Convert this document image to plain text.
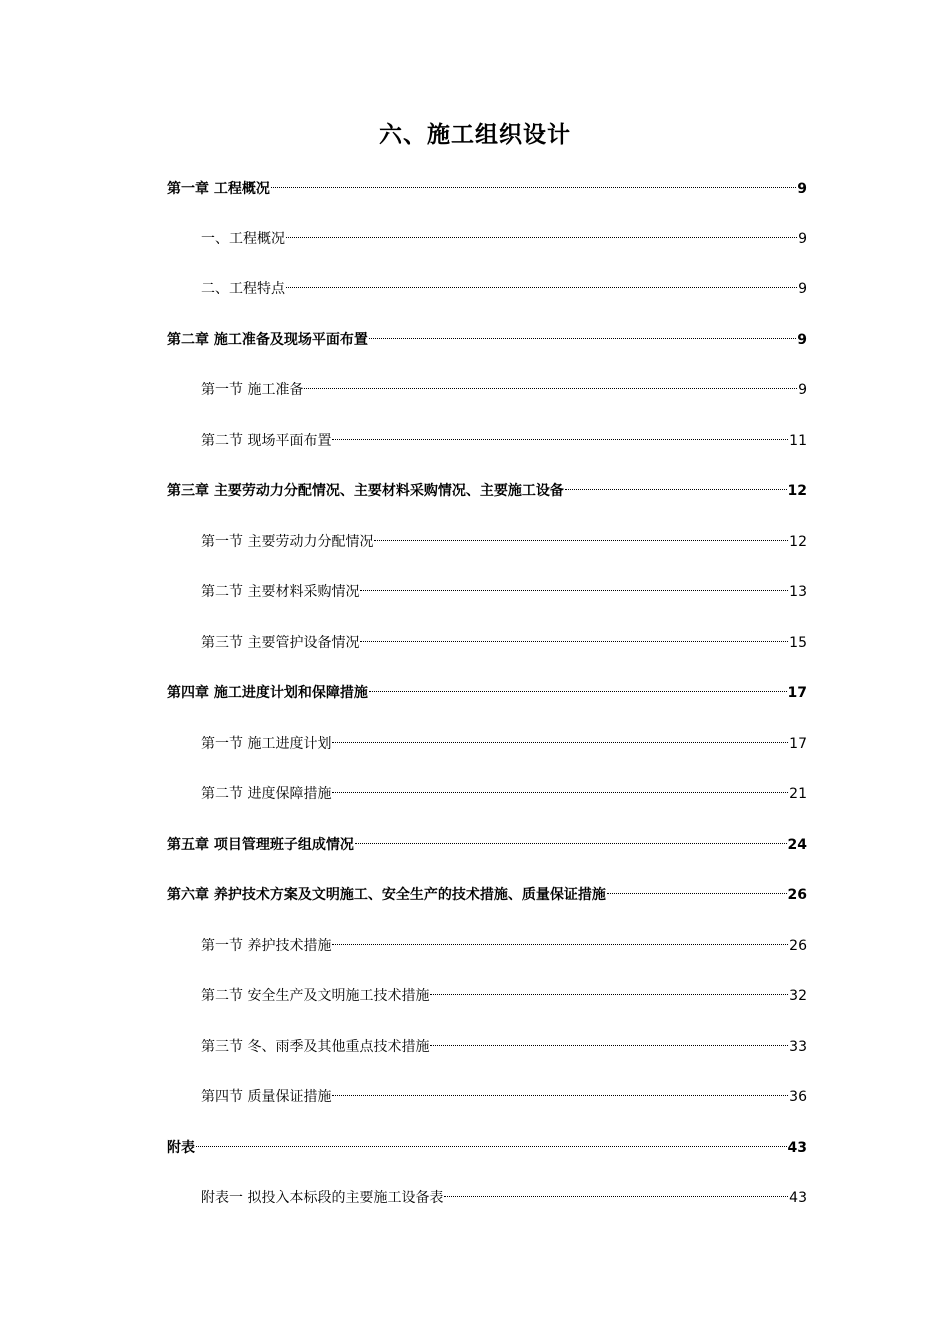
六、施工组织设计
第一章 工程概况	9
一、工程概况	9
二、工程特点	9
第二章 施工准备及现场平面布置	9
第一节 施工准备	9
第二节 现场平面布置	11
第三章 主要劳动力分配情况、主要材料采购情况、主要施工设备	12
第一节 主要劳动力分配情况	12
第二节 主要材料采购情况	13
第三节 主要管护设备情况	15
第四章 施工进度计划和保障措施	17
第一节 施工进度计划	17
第二节 进度保障措施	21
第五章 项目管理班子组成情况	24
第六章 养护技术方案及文明施工、安全生产的技术措施、质量保证措施	26
第一节 养护技术措施	26
第二节 安全生产及文明施工技术措施	32
第三节 冬、雨季及其他重点技术措施	33
第四节 质量保证措施	36
附表	43
附表一 拟投入本标段的主要施工设备表	43
